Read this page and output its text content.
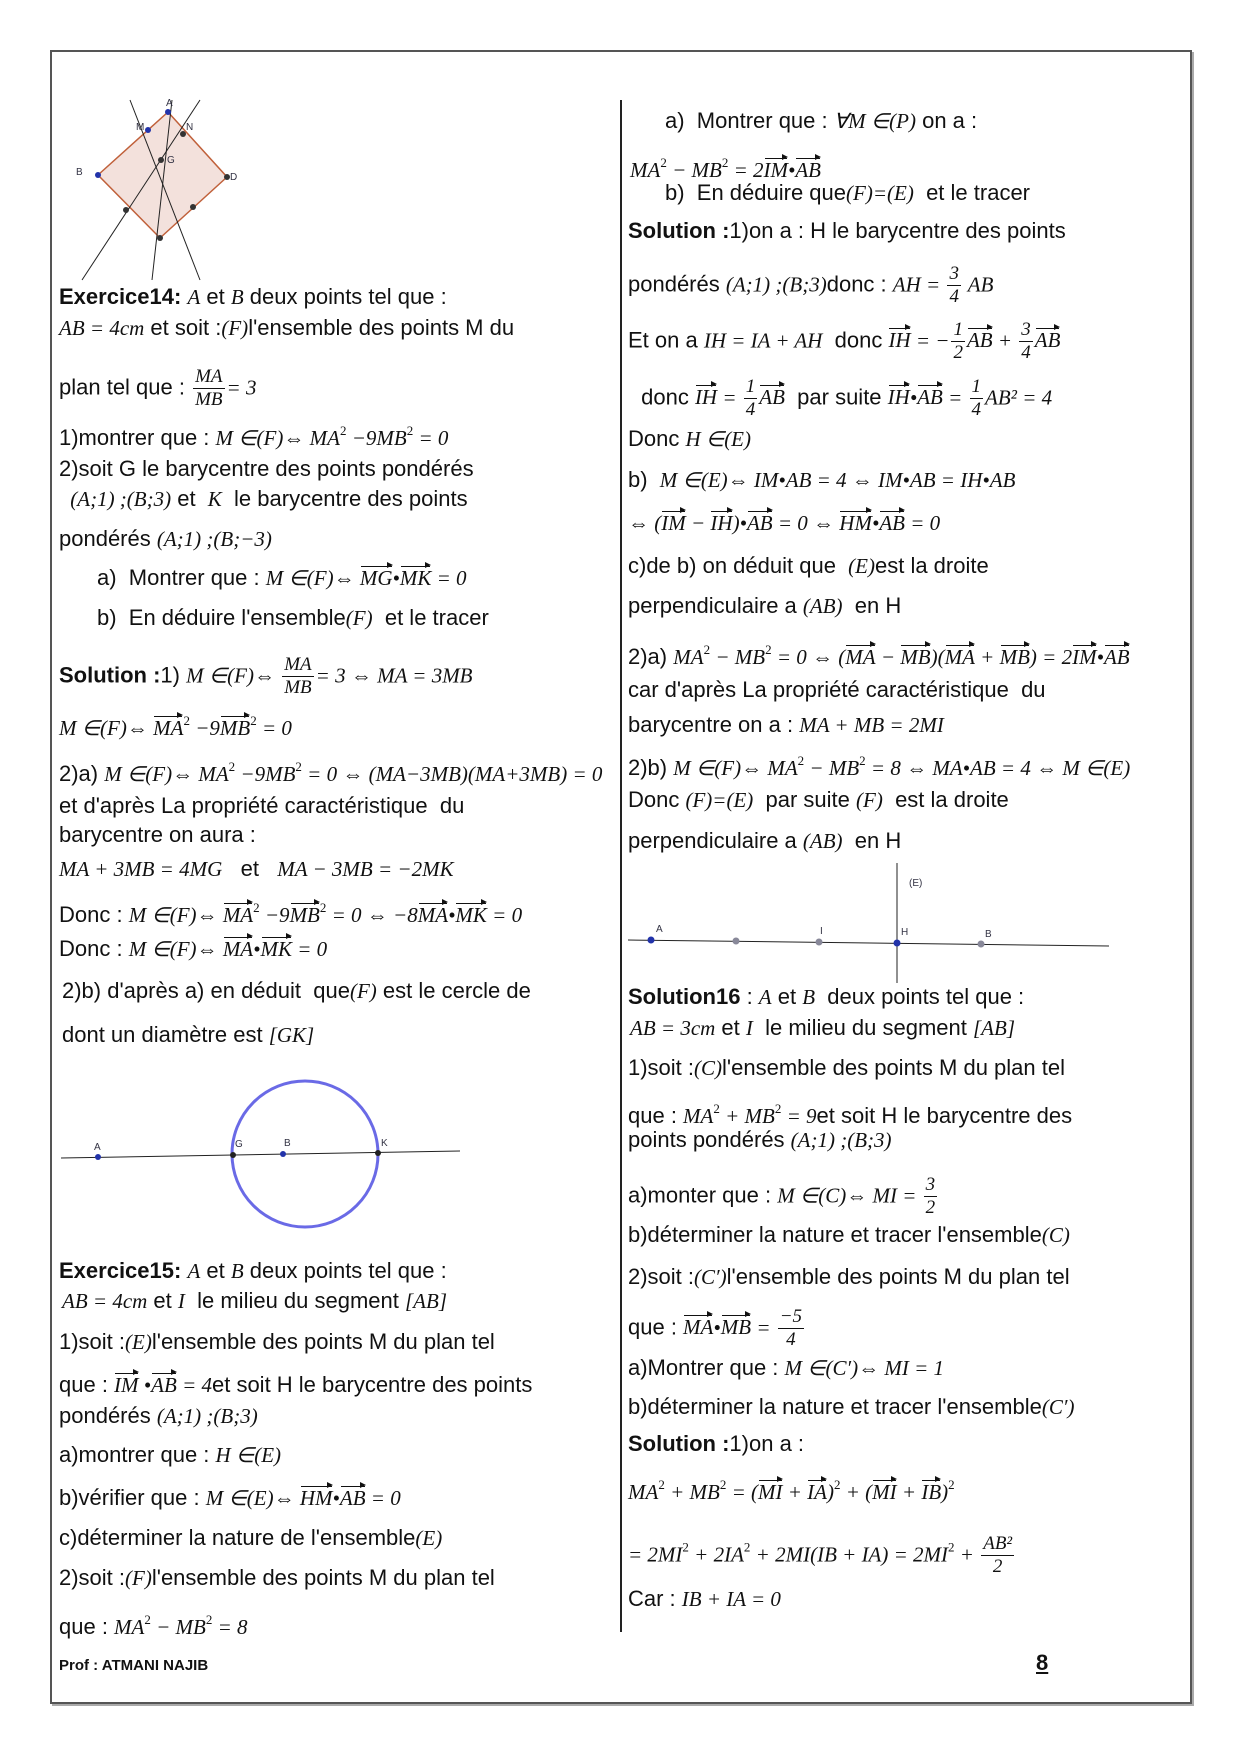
A
M	N
B
G
D
A	G	B	K
(E)
A	I	H	B
Exercice14: A et B deux points tel que :
AB = 4cm et soit :(F)l'ensemble des points M du
plan tel que : $\frac{MA}{MB} = 3$
1)montrer que : M ∈(F)⇔ $MA^2 -9MB^2 = 0$
2)soit G le barycentre des points pondérés
(A;1) ;(B;3) et  K  le barycentre des points
pondérés (A;1) ;(B;−3)
a)  Montrer que : M ∈(F)⇔ MG•MK = 0
b)  En déduire l'ensemble(F)  et le tracer
Solution :1) M ∈(F)⇔ $\frac{MA}{MB} = 3$ ⇔ MA = 3MB
M ∈(F)⇔ $MA^2 -9MB^2 = 0$
2)a) M ∈(F)⇔ $MA^2 -9MB^2 = 0$ ⇔ (MA−3MB)(MA+3MB) = 0
et d'après La propriété caractéristique  du
barycentre on aura :
MA + 3MB = 4MG   et   MA − 3MB = −2MK
Donc : M ∈(F)⇔ $MA^2 -9MB^2 = 0$ ⇔ −8MA•MK = 0
Donc : M ∈(F)⇔ MA•MK = 0
2)b) d'après a) en déduit  que(F) est le cercle de
dont un diamètre est [GK]
Exercice15: A et B deux points tel que :
AB = 4cm et I  le milieu du segment [AB]
1)soit :(E)l'ensemble des points M du plan tel
que : IM •AB = 4et soit H le barycentre des points
pondérés (A;1) ;(B;3)
a)montrer que : H ∈(E)
b)vérifier que : M ∈(E)⇔ HM•AB = 0
c)déterminer la nature de l'ensemble(E)
2)soit :(F)l'ensemble des points M du plan tel
que : $MA^2 - MB^2 = 8$
a)  Montrer que : ∀M ∈(P) on a :
$MA^2 - MB^2$ = 2IM•AB
b)  En déduire que(F)=(E)  et le tracer
Solution :1)on a : H le barycentre des points
pondérés (A;1) ;(B;3)donc : AH = $\frac{3}{4}$ AB
Et on a IH = IA + AH  donc IH = − $\frac{1}{2}$ AB + $\frac{3}{4}$ AB
donc IH = $\frac{1}{4}$ AB  par suite IH•AB = $\frac{1}{4} AB^2 = 4$
Donc H ∈(E)
b)  M ∈(E)⇔ IM•AB = 4 ⇔ IM•AB = IH•AB
⇔ (IM − IH)•AB = 0 ⇔ HM•AB = 0
c)de b) on déduit que  (E)est la droite
perpendiculaire a (AB)  en H
2)a) $MA^2 - MB^2 = 0$ ⇔ (MA − MB)(MA + MB) = 2IM•AB
car d'après La propriété caractéristique  du
barycentre on a : MA + MB = 2MI
2)b) M ∈(F)⇔ $MA^2 - MB^2 = 8$ ⇔ MA•AB = 4 ⇔ M ∈(E)
Donc (F)=(E)  par suite (F)  est la droite
perpendiculaire a (AB)  en H
Solution16 : A et B  deux points tel que :
AB = 3cm et I  le milieu du segment [AB]
1)soit :(C)l'ensemble des points M du plan tel
que : $MA^2 + MB^2 = 9et$ soit H le barycentre des
points pondérés (A;1) ;(B;3)
a)monter que : M ∈(C)⇔ MI = $\frac{3}{2}$
b)déterminer la nature et tracer l'ensemble(C)
2)soit :(C′)l'ensemble des points M du plan tel
que : MA•MB = $\frac{-5}{4}$
a)Montrer que : M ∈(C′)⇔ MI = 1
b)déterminer la nature et tracer l'ensemble(C′)
Solution :1)on a :
$MA^2 + MB^2 = (MI + IA)^2 + (MI + IB)^2$
= $2MI^2 + 2IA^2 + 2MI(IB + IA) = 2MI^2 + \frac{\text{AB²}}{2}$
Car : IB + IA = 0
Prof : ATMANI NAJIB	8
